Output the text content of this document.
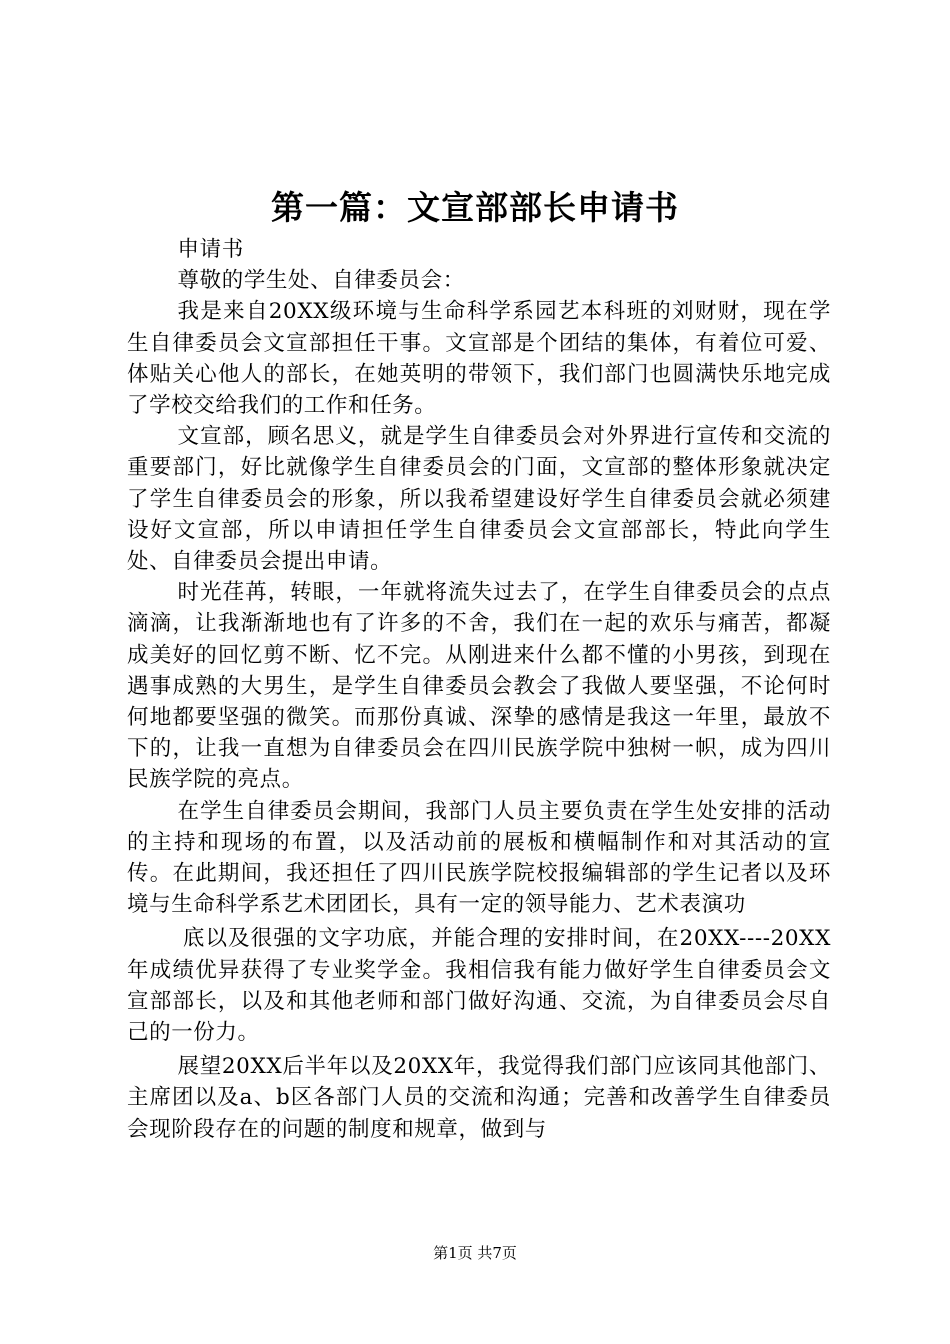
第一篇：文宣部部长申请书

申请书

尊敬的学生处、自律委员会：

我是来自20XX级环境与生命科学系园艺本科班的刘财财，现在学生自律委员会文宣部担任干事。文宣部是个团结的集体，有着位可爱、体贴关心他人的部长，在她英明的带领下，我们部门也圆满快乐地完成了学校交给我们的工作和任务。

文宣部，顾名思义，就是学生自律委员会对外界进行宣传和交流的重要部门，好比就像学生自律委员会的门面，文宣部的整体形象就决定了学生自律委员会的形象，所以我希望建设好学生自律委员会就必须建设好文宣部，所以申请担任学生自律委员会文宣部部长，特此向学生处、自律委员会提出申请。

时光荏苒，转眼，一年就将流失过去了，在学生自律委员会的点点滴滴，让我渐渐地也有了许多的不舍，我们在一起的欢乐与痛苦，都凝成美好的回忆剪不断、忆不完。从刚进来什么都不懂的小男孩，到现在遇事成熟的大男生，是学生自律委员会教会了我做人要坚强，不论何时何地都要坚强的微笑。而那份真诚、深挚的感情是我这一年里，最放不下的，让我一直想为自律委员会在四川民族学院中独树一帜，成为四川民族学院的亮点。

在学生自律委员会期间，我部门人员主要负责在学生处安排的活动的主持和现场的布置，以及活动前的展板和横幅制作和对其活动的宣传。在此期间，我还担任了四川民族学院校报编辑部的学生记者以及环境与生命科学系艺术团团长，具有一定的领导能力、艺术表演功

底以及很强的文字功底，并能合理的安排时间，在20XX----20XX年成绩优异获得了专业奖学金。我相信我有能力做好学生自律委员会文宣部部长，以及和其他老师和部门做好沟通、交流，为自律委员会尽自己的一份力。

展望20XX后半年以及20XX年，我觉得我们部门应该同其他部门、主席团以及a、b区各部门人员的交流和沟通；完善和改善学生自律委员会现阶段存在的问题的制度和规章，做到与

第1页 共7页
